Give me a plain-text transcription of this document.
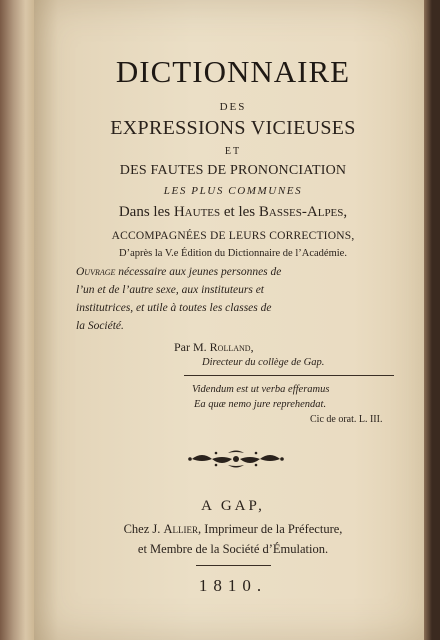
DICTIONNAIRE
DES
EXPRESSIONS VICIEUSES
ET
DES FAUTES DE PRONONCIATION
LES PLUS COMMUNES
Dans les Hautes et les Basses-Alpes,
ACCOMPAGNÉES DE LEURS CORRECTIONS,
D’après la V.e Édition du Dictionnaire de l’Académie.
Ouvrage nécessaire aux jeunes personnes de
l’un et de l’autre sexe, aux instituteurs et
institutrices, et utile à toutes les classes de
la Société.
Par M. Rolland,
Directeur du collège de Gap.
Videndum est ut verba efferamus
Ea quæ nemo jure reprehendat.
Cic de orat. L. III.
A GAP,
Chez J. Allier, Imprimeur de la Préfecture,
et Membre de la Société d’Émulation.
1810.
